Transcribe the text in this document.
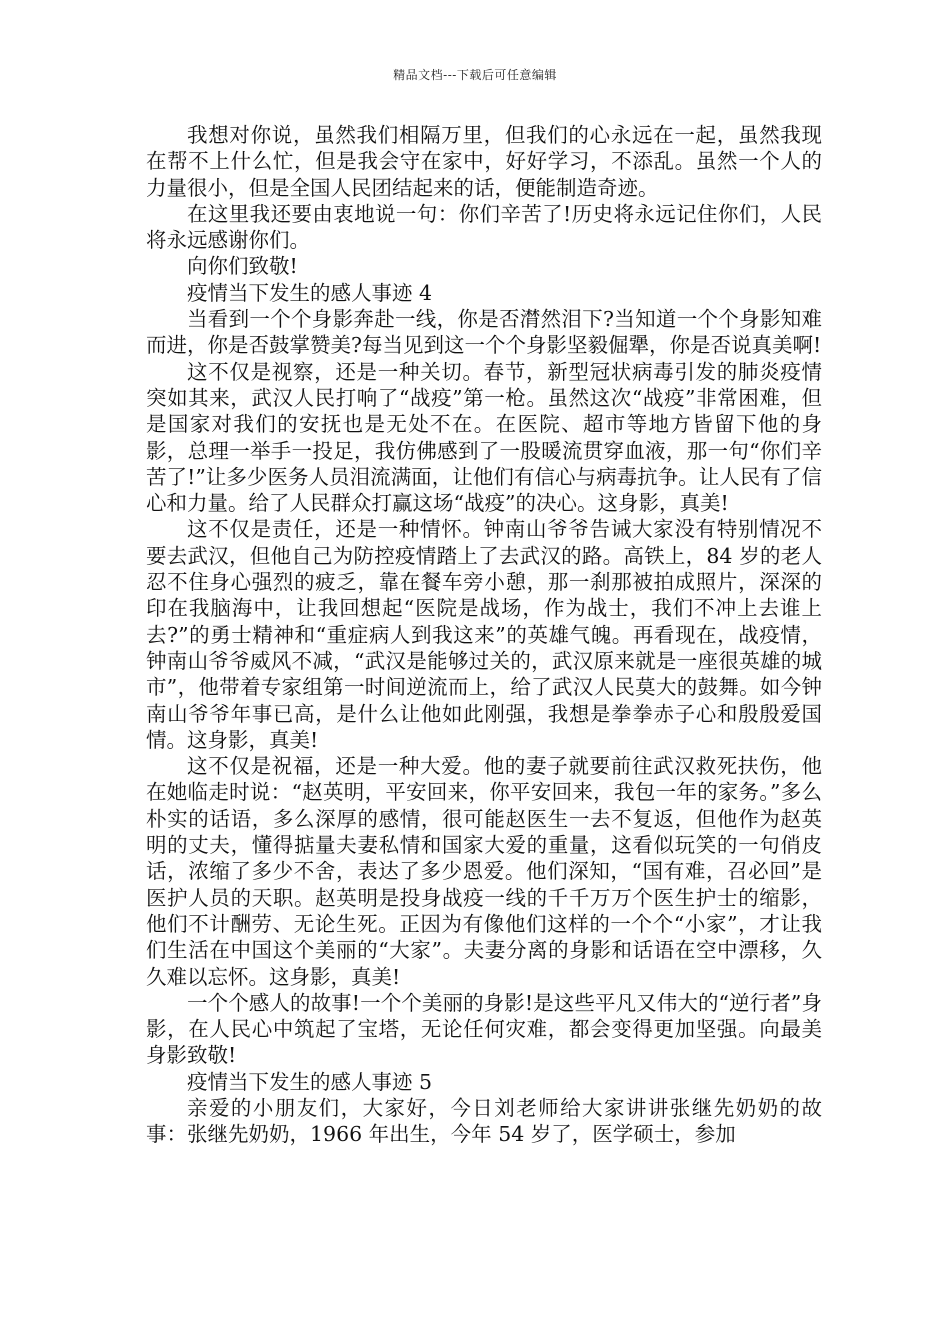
精品文档---下载后可任意编辑

我想对你说，虽然我们相隔万里，但我们的心永远在一起，虽然我现在帮不上什么忙，但是我会守在家中，好好学习，不添乱。虽然一个人的力量很小，但是全国人民团结起来的话，便能制造奇迹。

在这里我还要由衷地说一句：你们辛苦了!历史将永远记住你们，人民将永远感谢你们。

向你们致敬!

疫情当下发生的感人事迹 4

当看到一个个身影奔赴一线，你是否潸然泪下?当知道一个个身影知难而进，你是否鼓掌赞美?每当见到这一个个身影坚毅倔犟，你是否说真美啊!

这不仅是视察，还是一种关切。春节，新型冠状病毒引发的肺炎疫情突如其来，武汉人民打响了“战疫”第一枪。虽然这次“战疫”非常困难，但是国家对我们的安抚也是无处不在。在医院、超市等地方皆留下他的身影，总理一举手一投足，我仿佛感到了一股暖流贯穿血液，那一句“你们辛苦了!”让多少医务人员泪流满面，让他们有信心与病毒抗争。让人民有了信心和力量。给了人民群众打赢这场“战疫”的决心。这身影，真美!

这不仅是责任，还是一种情怀。钟南山爷爷告诫大家没有特别情况不要去武汉，但他自己为防控疫情踏上了去武汉的路。高铁上，84 岁的老人忍不住身心强烈的疲乏，靠在餐车旁小憩，那一刹那被拍成照片，深深的印在我脑海中，让我回想起“医院是战场，作为战士，我们不冲上去谁上去?”的勇士精神和“重症病人到我这来”的英雄气魄。再看现在，战疫情，钟南山爷爷威风不减，“武汉是能够过关的，武汉原来就是一座很英雄的城市”，他带着专家组第一时间逆流而上，给了武汉人民莫大的鼓舞。如今钟南山爷爷年事已高，是什么让他如此刚强，我想是拳拳赤子心和殷殷爱国情。这身影，真美!

这不仅是祝福，还是一种大爱。他的妻子就要前往武汉救死扶伤，他在她临走时说：“赵英明，平安回来，你平安回来，我包一年的家务。”多么朴实的话语，多么深厚的感情，很可能赵医生一去不复返，但他作为赵英明的丈夫，懂得掂量夫妻私情和国家大爱的重量，这看似玩笑的一句俏皮话，浓缩了多少不舍，表达了多少恩爱。他们深知，“国有难，召必回”是医护人员的天职。赵英明是投身战疫一线的千千万万个医生护士的缩影，他们不计酬劳、无论生死。正因为有像他们这样的一个个“小家”，才让我们生活在中国这个美丽的“大家”。夫妻分离的身影和话语在空中漂移，久久难以忘怀。这身影，真美!

一个个感人的故事!一个个美丽的身影!是这些平凡又伟大的“逆行者”身影，在人民心中筑起了宝塔，无论任何灾难，都会变得更加坚强。向最美身影致敬!

疫情当下发生的感人事迹 5

亲爱的小朋友们，大家好，今日刘老师给大家讲讲张继先奶奶的故事：张继先奶奶，1966 年出生，今年 54 岁了，医学硕士，参加
